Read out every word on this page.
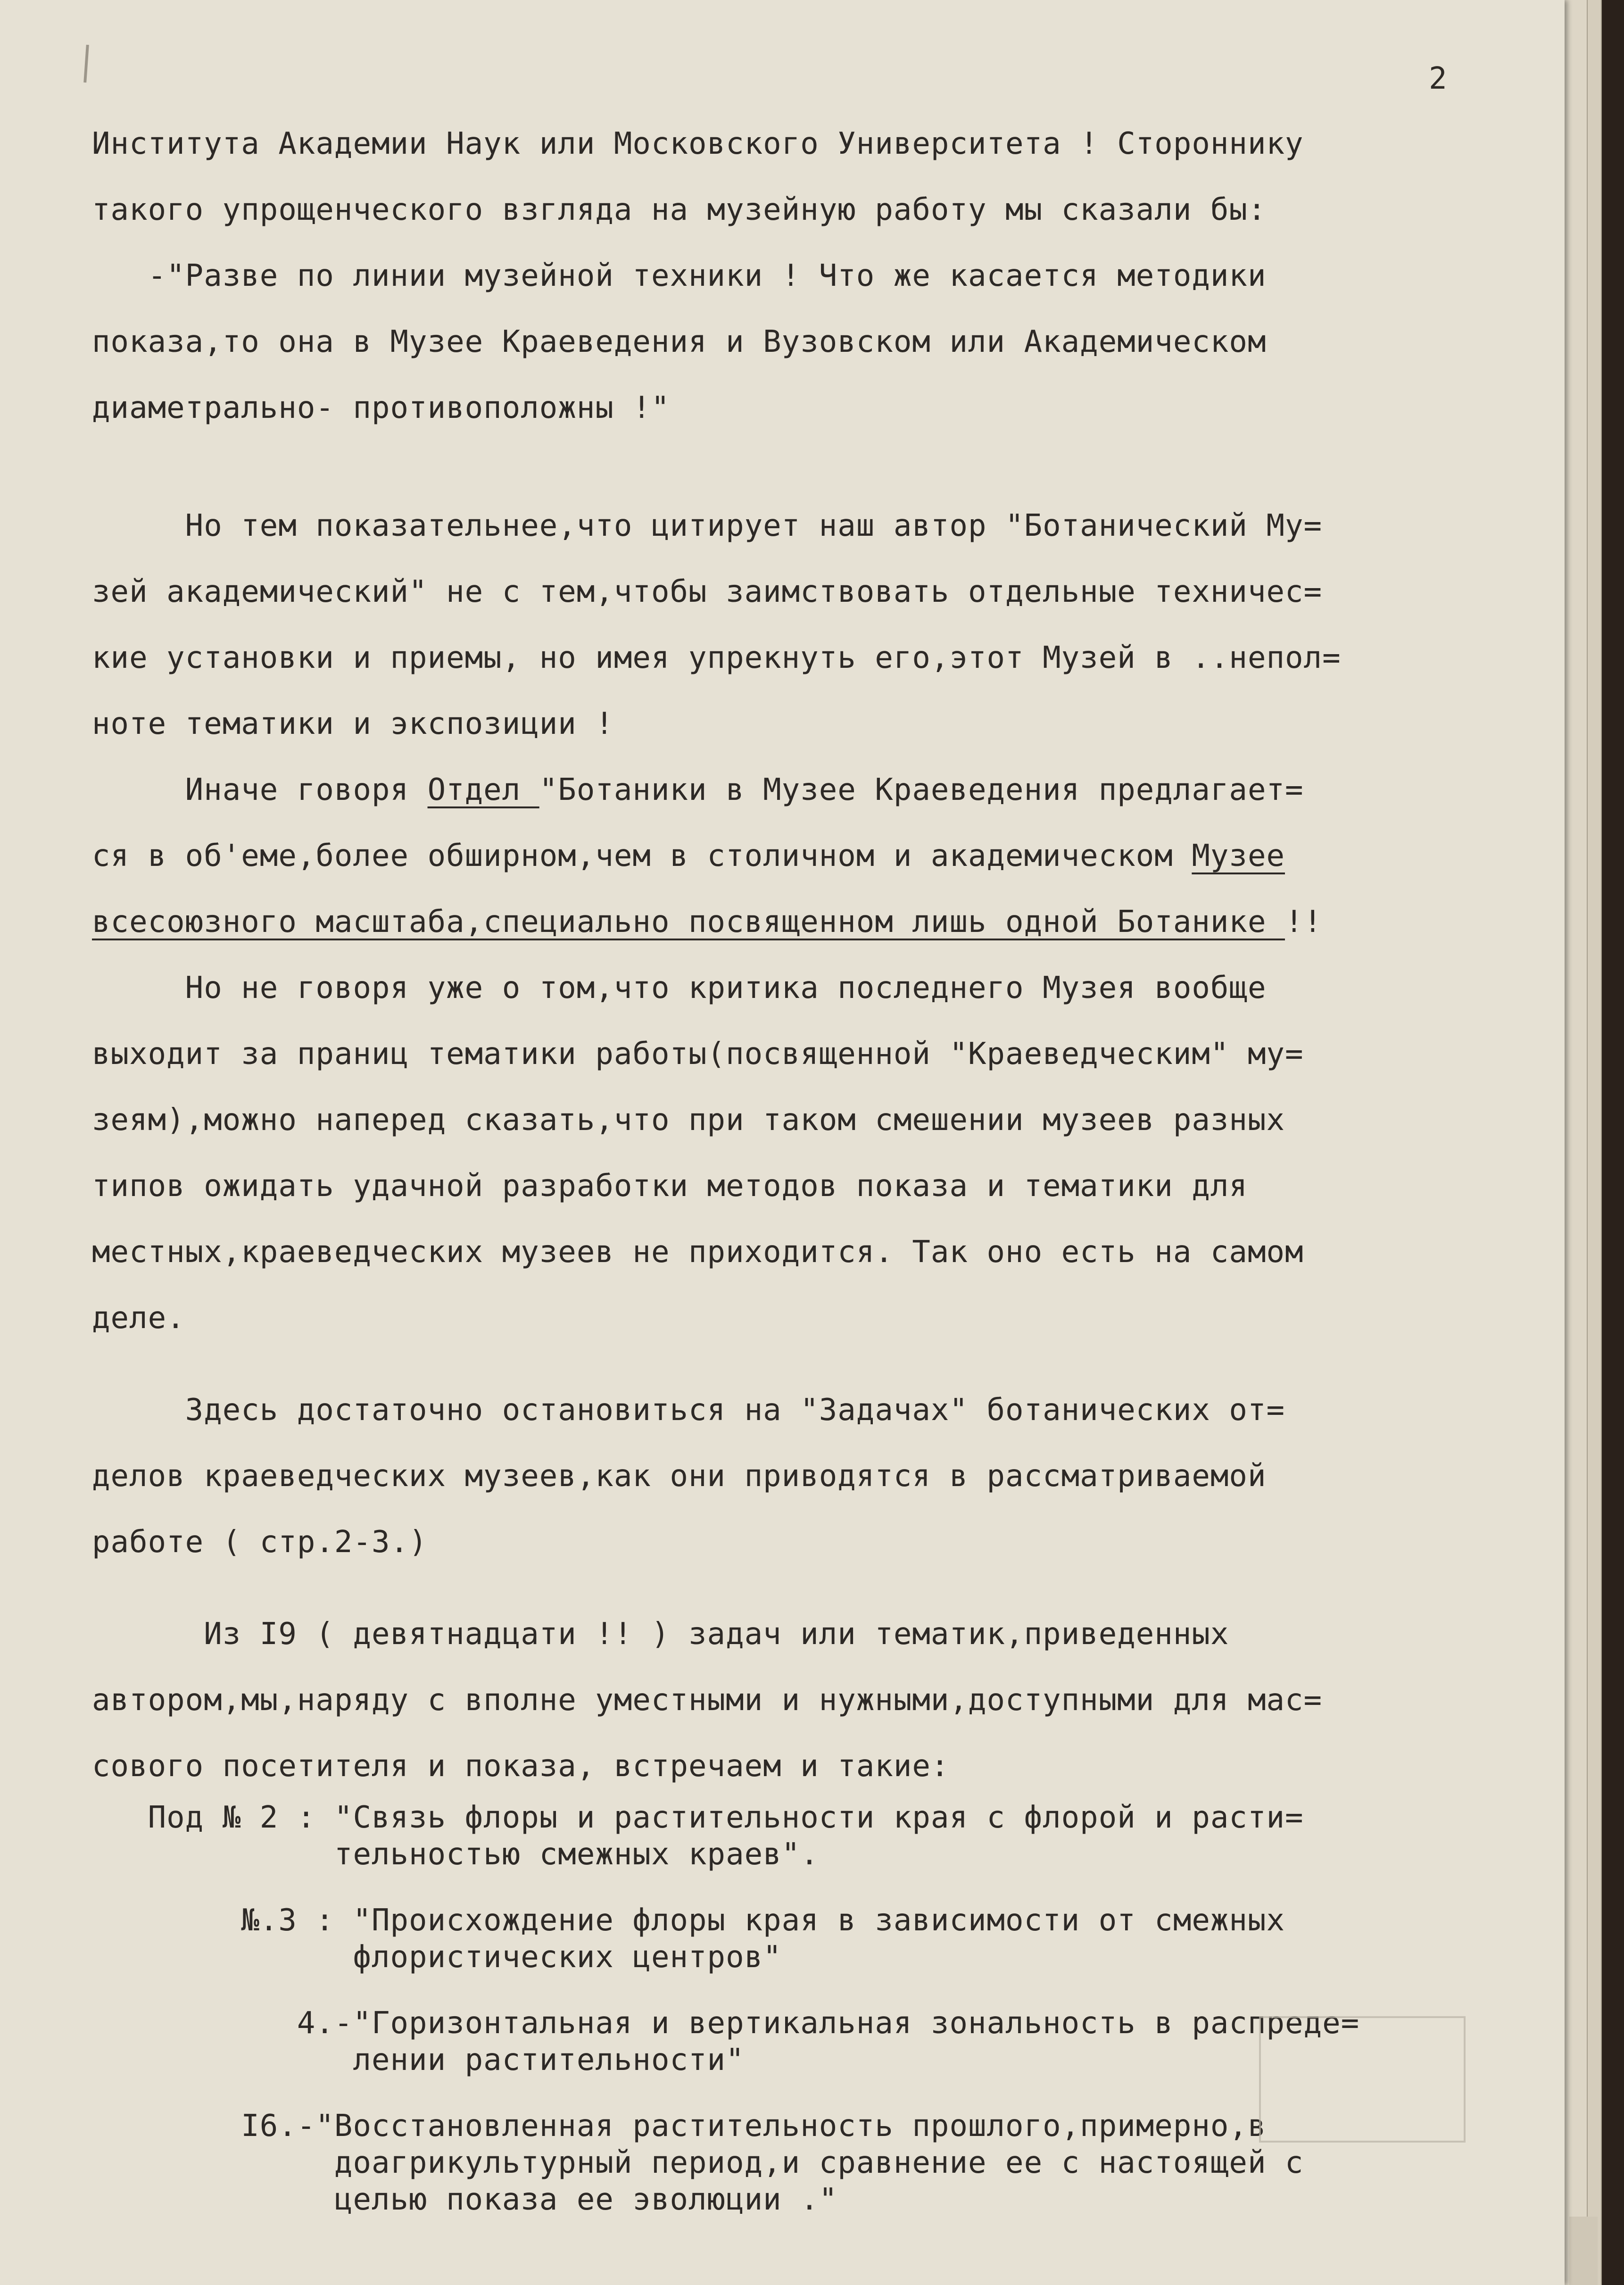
2
Института Академии Наук или Московского Университета ! Стороннику
такого упрощенческого взгляда на музейную работу мы сказали бы:
-"Разве по линии музейной техники ! Что же касается методики
показа,то она в Музее Краеведения и Вузовском или Академическом
диаметрально- противоположны !"
Но тем показательнее,что цитирует наш автор "Ботанический Му=
зей академический" не с тем,чтобы заимствовать отдельные техничес=
кие установки и приемы, но имея упрекнуть его,этот Музей в ..непол=
ноте тематики и экспозиции !
Иначе говоря Отдел "Ботаники в Музее Краеведения предлагает=
ся в об'еме,более обширном,чем в столичном и академическом Музее
всесоюзного масштаба,специально посвященном лишь одной Ботанике !!
Но не говоря уже о том,что критика последнего Музея вообще
выходит за праниц тематики работы(посвященной "Краеведческим" му=
зеям),можно наперед сказать,что при таком смешении музеев разных
типов ожидать удачной разработки методов показа и тематики для
местных,краеведческих музеев не приходится. Так оно есть на самом
деле.
Здесь достаточно остановиться на "Задачах" ботанических от=
делов краеведческих музеев,как они приводятся в рассматриваемой
работе ( стр.2-3.)
Из I9 ( девятнадцати !! ) задач или тематик,приведенных
автором,мы,наряду с вполне уместными и нужными,доступными для мас=
сового посетителя и показа, встречаем и такие:
Под № 2 : "Связь флоры и растительности края с флорой и расти=
тельностью смежных краев".
№.3 : "Происхождение флоры края в зависимости от смежных
флористических центров"
4.-"Горизонтальная и вертикальная зональность в распреде=
лении растительности"
I6.-"Восстановленная растительность прошлого,примерно,в
доагрикультурный период,и сравнение ее с настоящей с
целью показа ее эволюции ."
